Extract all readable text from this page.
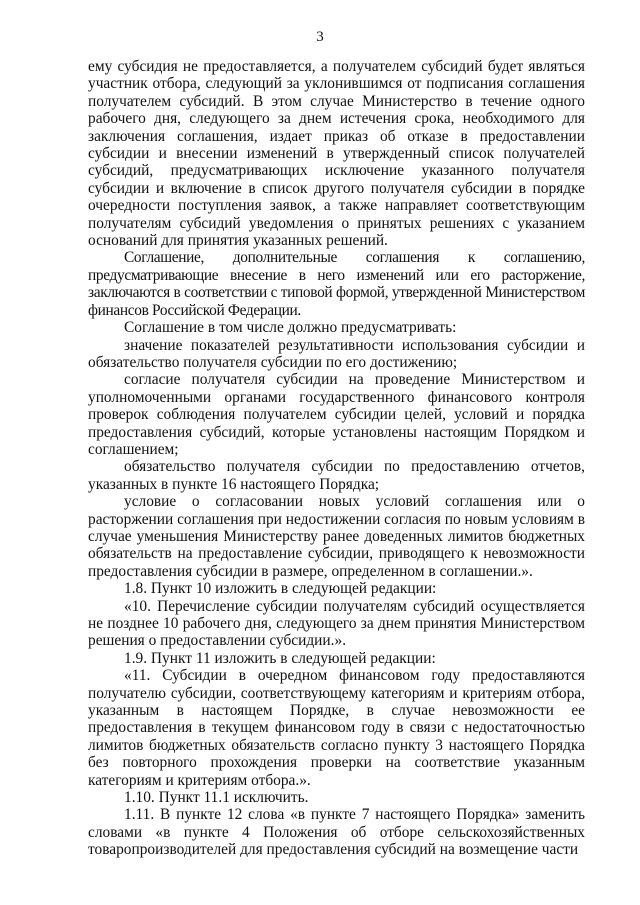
3

ему субсидия не предоставляется, а получателем субсидий будет являться участник отбора, следующий за уклонившимся от подписания соглашения получателем субсидий. В этом случае Министерство в течение одного рабочего дня, следующего за днем истечения срока, необходимого для заключения соглашения, издает приказ об отказе в предоставлении субсидии и внесении изменений в утвержденный список получателей субсидий, предусматривающих исключение указанного получателя субсидии и включение в список другого получателя субсидии в порядке очередности поступления заявок, а также направляет соответствующим получателям субсидий уведомления о принятых решениях с указанием оснований для принятия указанных решений.

Соглашение, дополнительные соглашения к соглашению, предусматривающие внесение в него изменений или его расторжение, заключаются в соответствии с типовой формой, утвержденной Министерством финансов Российской Федерации.

Соглашение в том числе должно предусматривать:

значение показателей результативности использования субсидии и обязательство получателя субсидии по его достижению;

согласие получателя субсидии на проведение Министерством и уполномоченными органами государственного финансового контроля проверок соблюдения получателем субсидии целей, условий и порядка предоставления субсидий, которые установлены настоящим Порядком и соглашением;

обязательство получателя субсидии по предоставлению отчетов, указанных в пункте 16 настоящего Порядка;

условие о согласовании новых условий соглашения или о расторжении соглашения при недостижении согласия по новым условиям в случае уменьшения Министерству ранее доведенных лимитов бюджетных обязательств на предоставление субсидии, приводящего к невозможности предоставления субсидии в размере, определенном в соглашении.».

1.8. Пункт 10 изложить в следующей редакции:

«10. Перечисление субсидии получателям субсидий осуществляется не позднее 10 рабочего дня, следующего за днем принятия Министерством решения о предоставлении субсидии.».

1.9. Пункт 11 изложить в следующей редакции:

«11. Субсидии в очередном финансовом году предоставляются получателю субсидии, соответствующему категориям и критериям отбора, указанным в настоящем Порядке, в случае невозможности ее предоставления в текущем финансовом году в связи с недостаточностью лимитов бюджетных обязательств согласно пункту 3 настоящего Порядка без повторного прохождения проверки на соответствие указанным категориям и критериям отбора.».

1.10. Пункт 11.1 исключить.

1.11. В пункте 12 слова «в пункте 7 настоящего Порядка» заменить словами «в пункте 4 Положения об отборе сельскохозяйственных товаропроизводителей для предоставления субсидий на возмещение части
